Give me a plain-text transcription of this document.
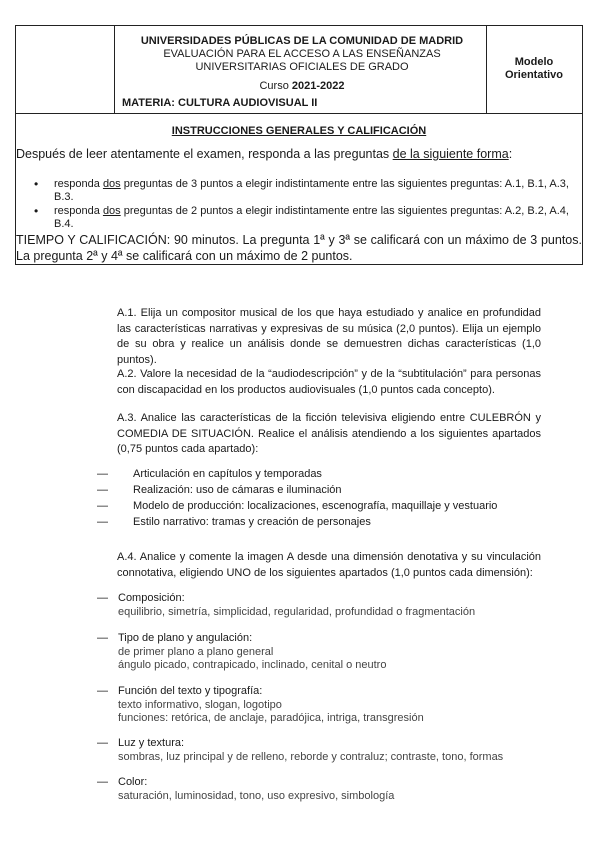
UNIVERSIDADES PÚBLICAS DE LA COMUNIDAD DE MADRID
EVALUACIÓN PARA EL ACCESO A LAS ENSEÑANZAS
UNIVERSITARIAS OFICIALES DE GRADO
Curso 2021-2022
MATERIA: CULTURA AUDIOVISUAL II
Modelo
Orientativo
INSTRUCCIONES GENERALES Y CALIFICACIÓN
Después de leer atentamente el examen, responda a las preguntas de la siguiente forma:
• responda dos preguntas de 3 puntos a elegir indistintamente entre las siguientes preguntas: A.1, B.1, A.3, B.3.
• responda dos preguntas de 2 puntos a elegir indistintamente entre las siguientes preguntas: A.2, B.2, A.4, B.4.
TIEMPO Y CALIFICACIÓN: 90 minutos. La pregunta 1ª y 3ª se calificará con un máximo de 3 puntos. La pregunta 2ª y 4ª se calificará con un máximo de 2 puntos.
A.1. Elija un compositor musical de los que haya estudiado y analice en profundidad las características narrativas y expresivas de su música (2,0 puntos). Elija un ejemplo de su obra y realice un análisis donde se demuestren dichas características (1,0 puntos).
A.2. Valore la necesidad de la “audiodescripción” y de la “subtitulación” para personas con discapacidad en los productos audiovisuales (1,0 puntos cada concepto).
A.3. Analice las características de la ficción televisiva eligiendo entre CULEBRÓN y COMEDIA DE SITUACIÓN. Realice el análisis atendiendo a los siguientes apartados (0,75 puntos cada apartado):
— Articulación en capítulos y temporadas
— Realización: uso de cámaras e iluminación
— Modelo de producción: localizaciones, escenografía, maquillaje y vestuario
— Estilo narrativo: tramas y creación de personajes
A.4. Analice y comente la imagen A desde una dimensión denotativa y su vinculación connotativa, eligiendo UNO de los siguientes apartados (1,0 puntos cada dimensión):
— Composición:
equilibrio, simetría, simplicidad, regularidad, profundidad o fragmentación
— Tipo de plano y angulación:
de primer plano a plano general
ángulo picado, contrapicado, inclinado, cenital o neutro
— Función del texto y tipografía:
texto informativo, slogan, logotipo
funciones: retórica, de anclaje, paradójica, intriga, transgresión
— Luz y textura:
sombras, luz principal y de relleno, reborde y contraluz; contraste, tono, formas
— Color:
saturación, luminosidad, tono, uso expresivo, simbología
